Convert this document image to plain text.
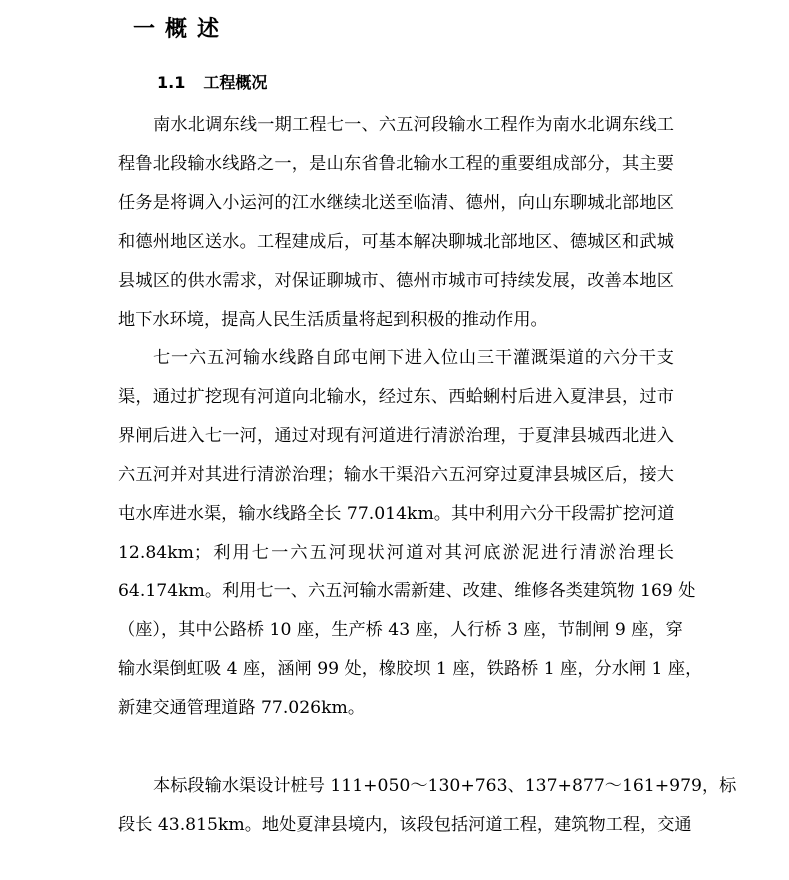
一概述
1.1 工程概况
南水北调东线一期工程七一、六五河段输水工程作为南水北调东线工
程鲁北段输水线路之一，是山东省鲁北输水工程的重要组成部分，其主要
任务是将调入小运河的江水继续北送至临清、德州，向山东聊城北部地区
和德州地区送水。工程建成后，可基本解决聊城北部地区、德城区和武城
县城区的供水需求，对保证聊城市、德州市城市可持续发展，改善本地区
地下水环境，提高人民生活质量将起到积极的推动作用。
七一六五河输水线路自邱屯闸下进入位山三干灌溉渠道的六分干支
渠，通过扩挖现有河道向北输水，经过东、西蛤蜊村后进入夏津县，过市
界闸后进入七一河，通过对现有河道进行清淤治理，于夏津县城西北进入
六五河并对其进行清淤治理；输水干渠沿六五河穿过夏津县城区后，接大
屯水库进水渠，输水线路全长 77.014km。其中利用六分干段需扩挖河道
12.84km；利用七一六五河现状河道对其河底淤泥进行清淤治理长
64.174km。利用七一、六五河输水需新建、改建、维修各类建筑物 169 处
（座），其中公路桥 10 座，生产桥 43 座，人行桥 3 座，节制闸 9 座，穿
输水渠倒虹吸 4 座，涵闸 99 处，橡胶坝 1 座，铁路桥 1 座，分水闸 1 座，
新建交通管理道路 77.026km。
本标段输水渠设计桩号 111+050～130+763、137+877～161+979，标
段长 43.815km。地处夏津县境内，该段包括河道工程，建筑物工程，交通
